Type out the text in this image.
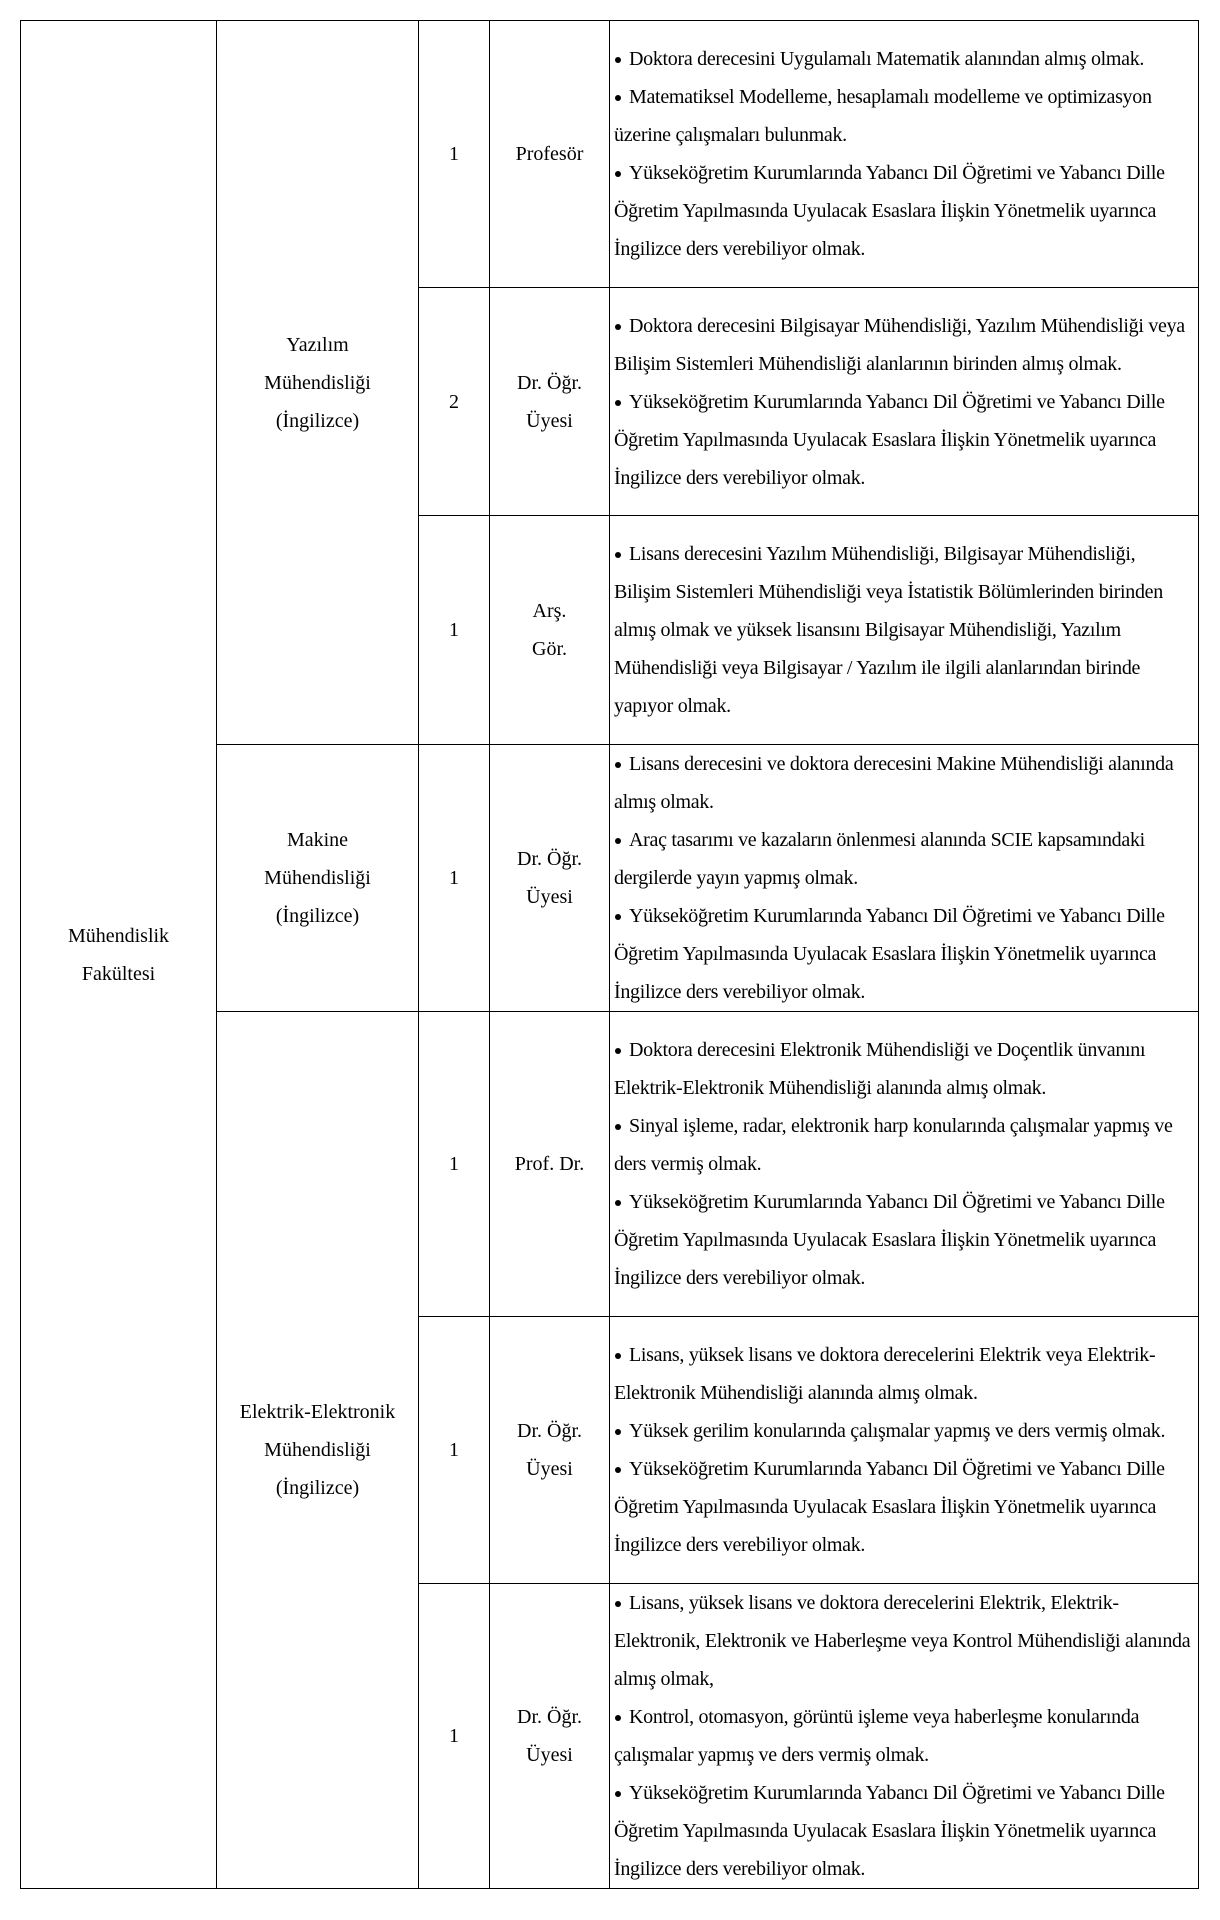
Mühendislik Fakültesi	Yazılım Mühendisliği (İngilizce)	1	Profesör	Doktora derecesini Uygulamalı Matematik alanından almış olmak.
Matematiksel Modelleme, hesaplamalı modelleme ve optimizasyon üzerine çalışmaları bulunmak.
Yükseköğretim Kurumlarında Yabancı Dil Öğretimi ve Yabancı Dille Öğretim Yapılmasında Uyulacak Esaslara İlişkin Yönetmelik uyarınca İngilizce ders verebiliyor olmak.

		2	Dr. Öğr. Üyesi	Doktora derecesini Bilgisayar Mühendisliği, Yazılım Mühendisliği veya Bilişim Sistemleri Mühendisliği alanlarının birinden almış olmak.
Yükseköğretim Kurumlarında Yabancı Dil Öğretimi ve Yabancı Dille Öğretim Yapılmasında Uyulacak Esaslara İlişkin Yönetmelik uyarınca İngilizce ders verebiliyor olmak.

		1	Arş. Gör.	Lisans derecesini Yazılım Mühendisliği, Bilgisayar Mühendisliği, Bilişim Sistemleri Mühendisliği veya İstatistik Bölümlerinden birinden almış olmak ve yüksek lisansını Bilgisayar Mühendisliği, Yazılım Mühendisliği veya Bilgisayar / Yazılım ile ilgili alanlarından birinde yapıyor olmak.

	Makine Mühendisliği (İngilizce)	1	Dr. Öğr. Üyesi	Lisans derecesini ve doktora derecesini Makine Mühendisliği alanında almış olmak.
Araç tasarımı ve kazaların önlenmesi alanında SCIE kapsamındaki dergilerde yayın yapmış olmak.
Yükseköğretim Kurumlarında Yabancı Dil Öğretimi ve Yabancı Dille Öğretim Yapılmasında Uyulacak Esaslara İlişkin Yönetmelik uyarınca İngilizce ders verebiliyor olmak.

	Elektrik-Elektronik Mühendisliği (İngilizce)	1	Prof. Dr.	Doktora derecesini Elektronik Mühendisliği ve Doçentlik ünvanını Elektrik-Elektronik Mühendisliği alanında almış olmak.
Sinyal işleme, radar, elektronik harp konularında çalışmalar yapmış ve ders vermiş olmak.
Yükseköğretim Kurumlarında Yabancı Dil Öğretimi ve Yabancı Dille Öğretim Yapılmasında Uyulacak Esaslara İlişkin Yönetmelik uyarınca İngilizce ders verebiliyor olmak.

		1	Dr. Öğr. Üyesi	Lisans, yüksek lisans ve doktora derecelerini Elektrik veya Elektrik-Elektronik Mühendisliği alanında almış olmak.
Yüksek gerilim konularında çalışmalar yapmış ve ders vermiş olmak.
Yükseköğretim Kurumlarında Yabancı Dil Öğretimi ve Yabancı Dille Öğretim Yapılmasında Uyulacak Esaslara İlişkin Yönetmelik uyarınca İngilizce ders verebiliyor olmak.

		1	Dr. Öğr. Üyesi	Lisans, yüksek lisans ve doktora derecelerini Elektrik, Elektrik-Elektronik, Elektronik ve Haberleşme veya Kontrol Mühendisliği alanında almış olmak,
Kontrol, otomasyon, görüntü işleme veya haberleşme konularında çalışmalar yapmış ve ders vermiş olmak.
Yükseköğretim Kurumlarında Yabancı Dil Öğretimi ve Yabancı Dille Öğretim Yapılmasında Uyulacak Esaslara İlişkin Yönetmelik uyarınca İngilizce ders verebiliyor olmak.
